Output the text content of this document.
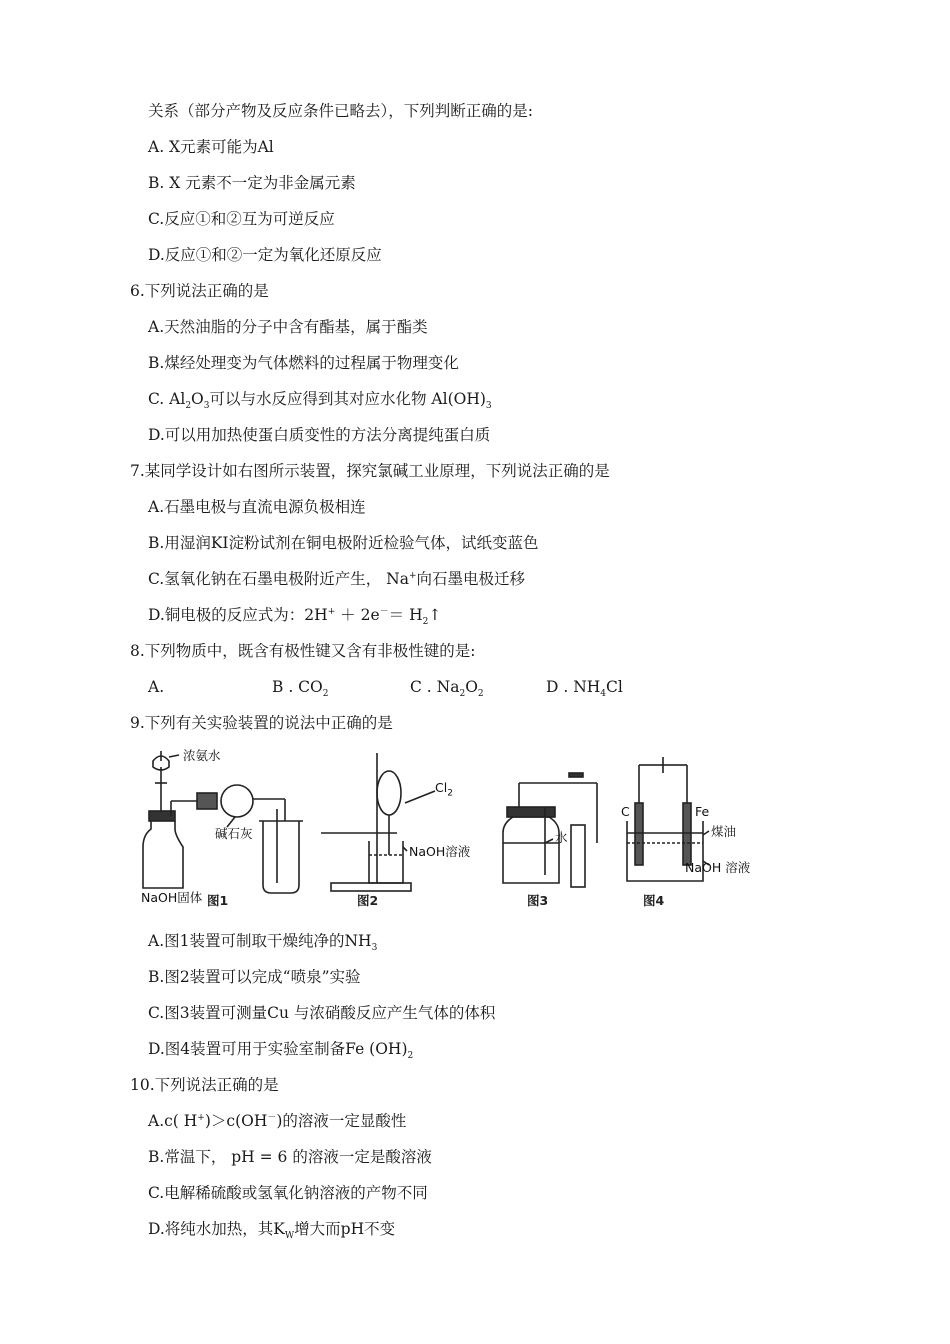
关系（部分产物及反应条件已略去），下列判断正确的是:
A. X元素可能为Al
B. X 元素不一定为非金属元素
C.反应①和②互为可逆反应
D.反应①和②一定为氧化还原反应
6.下列说法正确的是
A.天然油脂的分子中含有酯基，属于酯类
B.煤经处理变为气体燃料的过程属于物理变化
C. $Al_2O_3$可以与水反应得到其对应水化物 $Al(OH)_3$
D.可以用加热使蛋白质变性的方法分离提纯蛋白质
7.某同学设计如右图所示装置，探究氯碱工业原理，下列说法正确的是
A.石墨电极与直流电源负极相连
B.用湿润KI淀粉试剂在铜电极附近检验气体，试纸变蓝色
C.氢氧化钠在石墨电极附近产生， Na+向石墨电极迁移
D.铜电极的反应式为：$2H^+ + 2e^-= H_2↑$
8.下列物质中，既含有极性键又含有非极性键的是:
A.	B . $CO_2$	C . $Na_2O_2$	D . $NH_4Cl$
9.下列有关实验装置的说法中正确的是
浓氨水
碱石灰
NaOH固体
$Cl_2$
NaOH溶液
水
C	Fe
煤油
NaOH 溶液
图1	图2	图3	图4
A.图1装置可制取干燥纯净的$NH_3$
B.图2装置可以完成“喷泉”实验
C.图3装置可测量Cu 与浓硝酸反应产生气体的体积
D.图4装置可用于实验室制备Fe $(OH)_2$
10.下列说法正确的是
A.c( H+)＞c(OH－)的溶液一定显酸性
B.常温下， pH = 6 的溶液一定是酸溶液
C.电解稀硫酸或氢氧化钠溶液的产物不同
D.将纯水加热，其$K_W$增大而pH不变
